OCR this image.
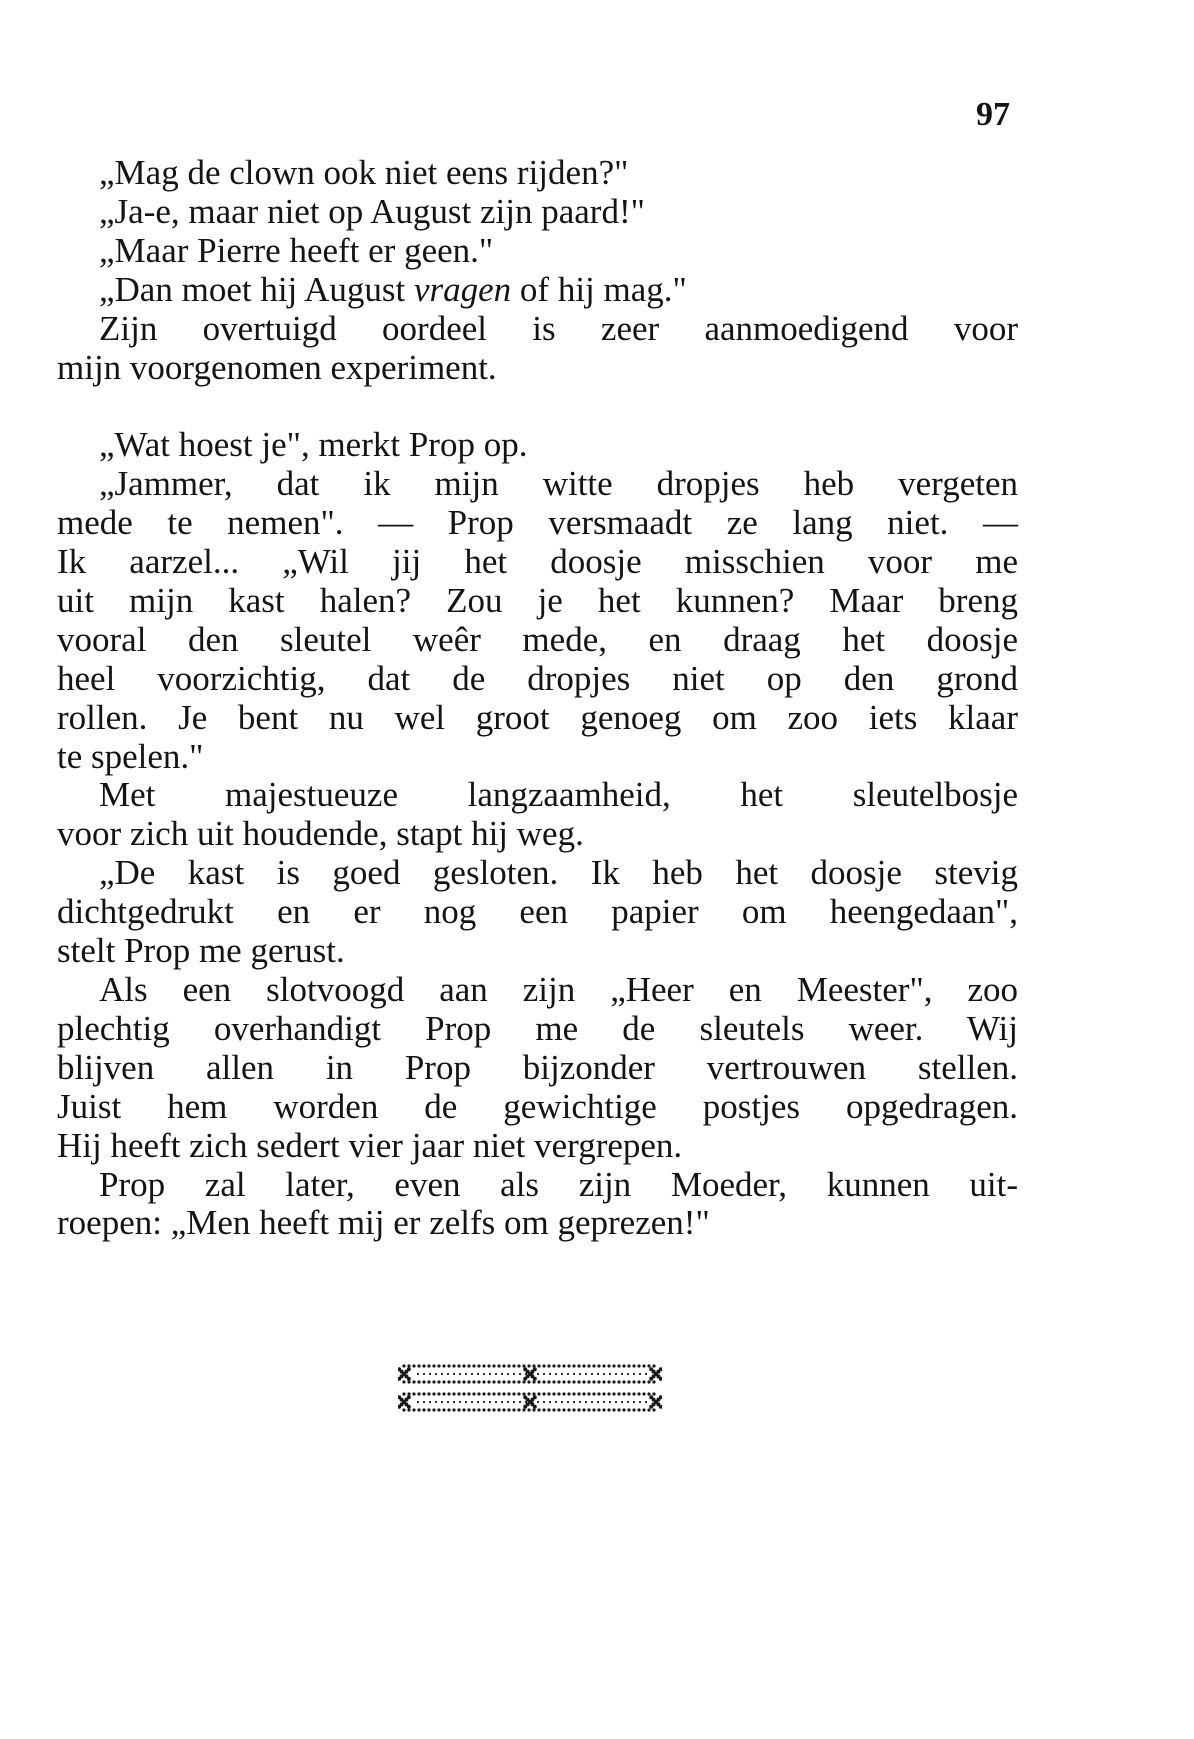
97
„Mag de clown ook niet eens rijden?"
„Ja-e, maar niet op August zijn paard!"
„Maar Pierre heeft er geen."
„Dan moet hij August vragen of hij mag."
Zijn overtuigd oordeel is zeer aanmoedigend voor
mijn voorgenomen experiment.
„Wat hoest je", merkt Prop op.
„Jammer, dat ik mijn witte dropjes heb vergeten
mede te nemen". — Prop versmaadt ze lang niet. —
Ik aarzel... „Wil jij het doosje misschien voor me
uit mijn kast halen? Zou je het kunnen? Maar breng
vooral den sleutel weêr mede, en draag het doosje
heel voorzichtig, dat de dropjes niet op den grond
rollen. Je bent nu wel groot genoeg om zoo iets klaar
te spelen."
Met majestueuze langzaamheid, het sleutelbosje
voor zich uit houdende, stapt hij weg.
„De kast is goed gesloten. Ik heb het doosje stevig
dichtgedrukt en er nog een papier om heengedaan",
stelt Prop me gerust.
Als een slotvoogd aan zijn „Heer en Meester", zoo
plechtig overhandigt Prop me de sleutels weer. Wij
blijven allen in Prop bijzonder vertrouwen stellen.
Juist hem worden de gewichtige postjes opgedragen.
Hij heeft zich sedert vier jaar niet vergrepen.
Prop zal later, even als zijn Moeder, kunnen uit-
roepen: „Men heeft mij er zelfs om geprezen!"
